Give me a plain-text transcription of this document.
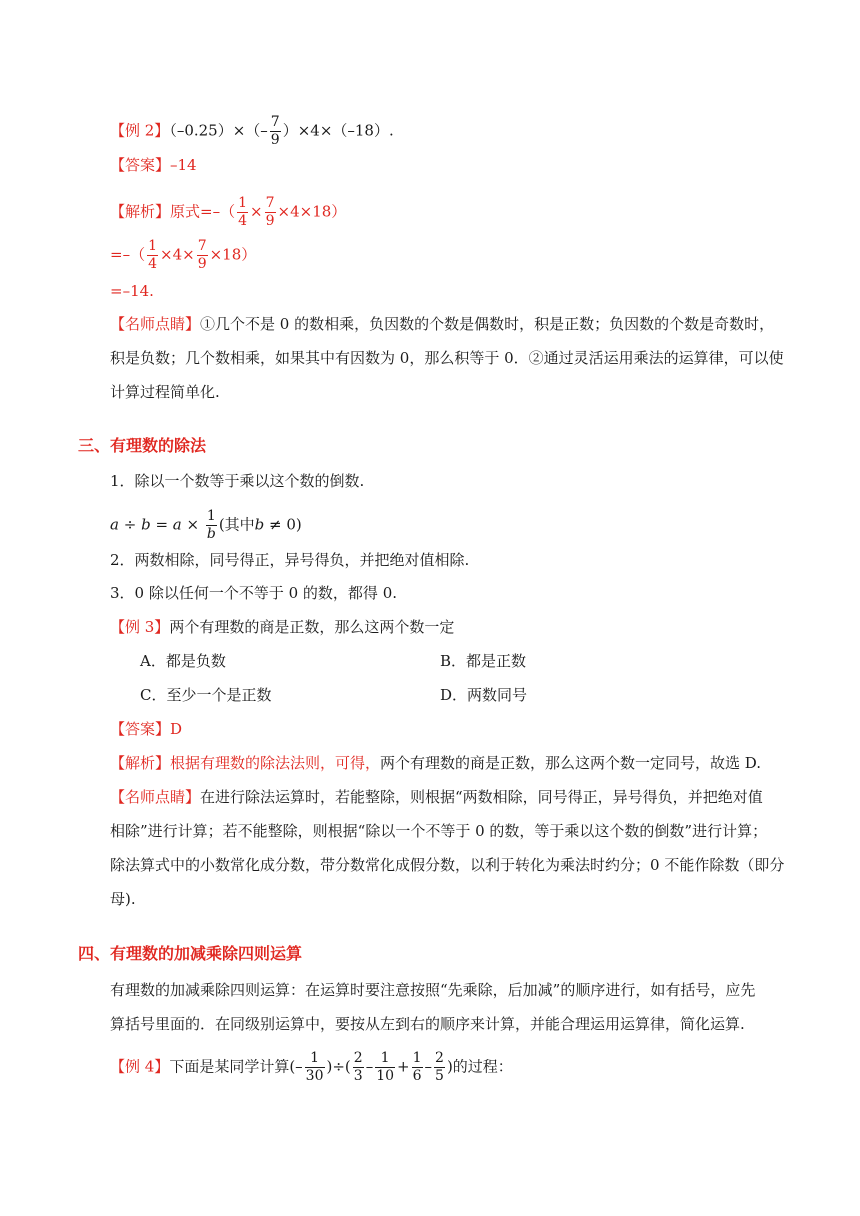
【例 2】$(-0.25)\times(- \frac{7}{9} )\times 4\times(-18)$.
【答案】–14
【解析】原式=–（ $\frac{1}{4} \times \frac{7}{9} \times 4\times 18$）
=–（ $\frac{1}{4} \times 4\times \frac{7}{9} \times 18$）
=–14.
【名师点睛】①几个不是 0 的数相乘，负因数的个数是偶数时，积是正数；负因数的个数是奇数时，
积是负数；几个数相乘，如果其中有因数为 0，那么积等于 0．②通过灵活运用乘法的运算律，可以使
计算过程简单化.
三、有理数的除法
1．除以一个数等于乘以这个数的倒数.
$a \div b = a \times \frac{1}{b}$ (其中b ≠ 0)
2．两数相除，同号得正，异号得负，并把绝对值相除.
3．0 除以任何一个不等于 0 的数，都得 0.
【例 3】两个有理数的商是正数，那么这两个数一定
A．都是负数	B．都是正数
C．至少一个是正数	D．两数同号
【答案】D
【解析】根据有理数的除法法则，可得，两个有理数的商是正数，那么这两个数一定同号，故选 D.
【名师点睛】在进行除法运算时，若能整除，则根据“两数相除，同号得正，异号得负，并把绝对值
相除”进行计算；若不能整除，则根据“除以一个不等于 0 的数，等于乘以这个数的倒数”进行计算；
除法算式中的小数常化成分数，带分数常化成假分数，以利于转化为乘法时约分；0 不能作除数（即分
母).
四、有理数的加减乘除四则运算
有理数的加减乘除四则运算：在运算时要注意按照“先乘除，后加减”的顺序进行，如有括号，应先
算括号里面的．在同级别运算中，要按从左到右的顺序来计算，并能合理运用运算律，简化运算.
【例 4】下面是某同学计算(– $\frac{1}{30}$ )÷( $\frac{2}{3} - \frac{1}{10} + \frac{1}{6} - \frac{2}{5}$ )的过程：
